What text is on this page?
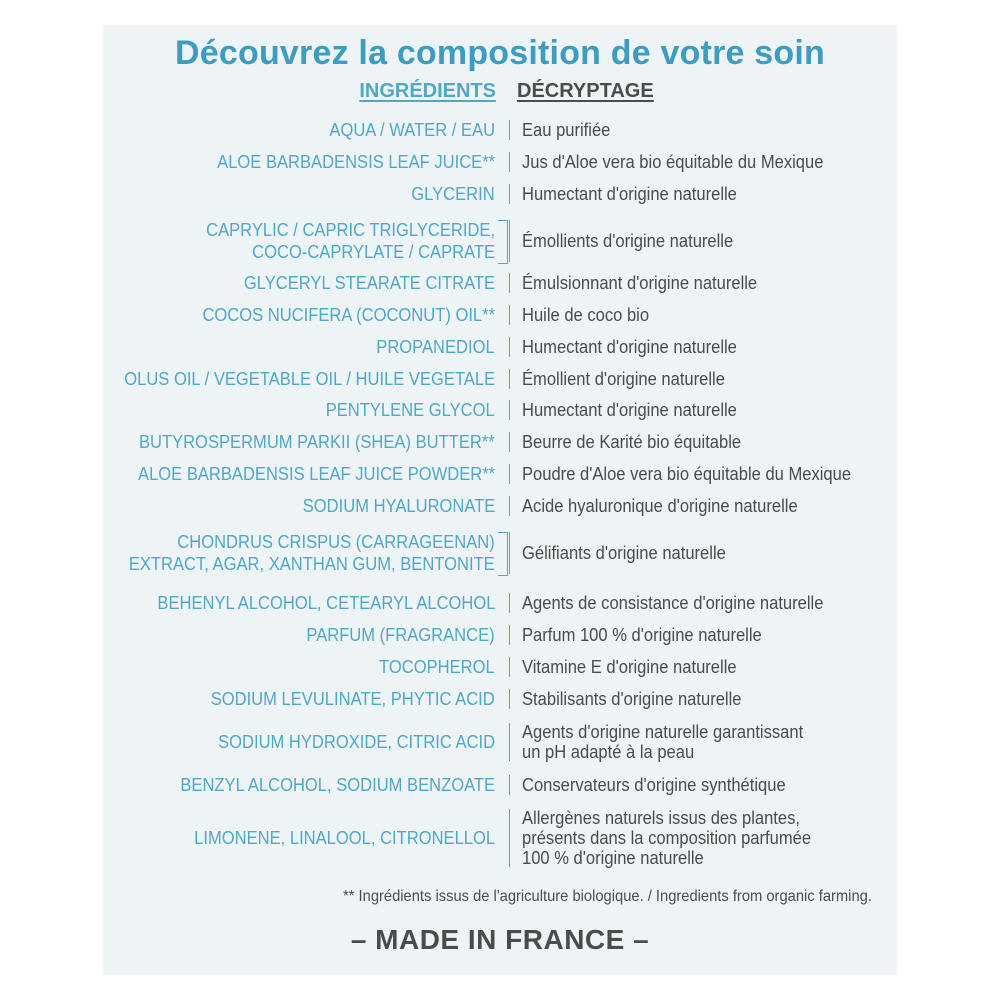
Découvrez la composition de votre soin
INGRÉDIENTS DÉCRYPTAGE
AQUA / WATER / EAU Eau purifiée
ALOE BARBADENSIS LEAF JUICE** Jus d'Aloe vera bio équitable du Mexique
GLYCERIN Humectant d'origine naturelle
CAPRYLIC / CAPRIC TRIGLYCERIDE,
COCO-CAPRYLATE / CAPRATE
Émollients d'origine naturelle
GLYCERYL STEARATE CITRATE Émulsionnant d'origine naturelle
COCOS NUCIFERA (COCONUT) OIL** Huile de coco bio
PROPANEDIOL Humectant d'origine naturelle
OLUS OIL / VEGETABLE OIL / HUILE VEGETALE Émollient d'origine naturelle
PENTYLENE GLYCOL Humectant d'origine naturelle
BUTYROSPERMUM PARKII (SHEA) BUTTER** Beurre de Karité bio équitable
ALOE BARBADENSIS LEAF JUICE POWDER** Poudre d'Aloe vera bio équitable du Mexique
SODIUM HYALURONATE Acide hyaluronique d'origine naturelle
CHONDRUS CRISPUS (CARRAGEENAN)
EXTRACT, AGAR, XANTHAN GUM, BENTONITE
Gélifiants d'origine naturelle
BEHENYL ALCOHOL, CETEARYL ALCOHOL Agents de consistance d'origine naturelle
PARFUM (FRAGRANCE) Parfum 100 % d'origine naturelle
TOCOPHEROL Vitamine E d'origine naturelle
SODIUM LEVULINATE, PHYTIC ACID Stabilisants d'origine naturelle
SODIUM HYDROXIDE, CITRIC ACID Agents d'origine naturelle garantissant
un pH adapté à la peau
BENZYL ALCOHOL, SODIUM BENZOATE Conservateurs d'origine synthétique
LIMONENE, LINALOOL, CITRONELLOL
Allergènes naturels issus des plantes,
présents dans la composition parfumée
100 % d'origine naturelle
** Ingrédients issus de l'agriculture biologique. / Ingredients from organic farming.
– MADE IN FRANCE –
